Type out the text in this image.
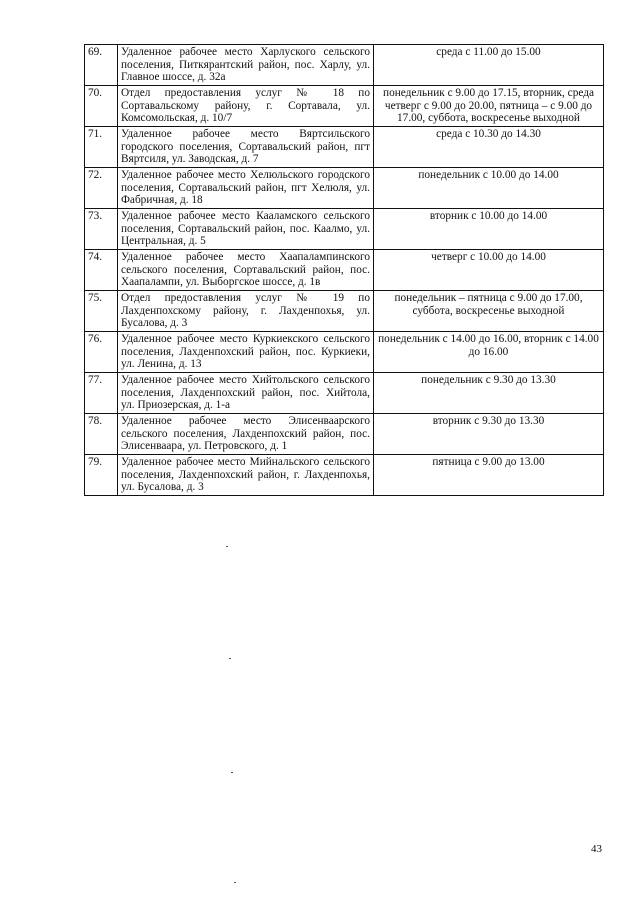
69.	Удаленное рабочее место Харлуского сельского поселения, Питкярантский район, пос. Харлу, ул. Главное шоссе, д. 32а	среда с 11.00 до 15.00
70.	Отдел предоставления услуг № 18 по Сортавальскому району, г. Сортавала, ул. Комсомольская, д. 10/7	понедельник с 9.00 до 17.15, вторник, среда четверг с 9.00 до 20.00, пятница – с 9.00 до 17.00, суббота, воскресенье выходной
71.	Удаленное рабочее место Вяртсильского городского поселения, Сортавальский район, пгт Вяртсиля, ул. Заводская, д. 7	среда с 10.30 до 14.30
72.	Удаленное рабочее место Хелюльского городского поселения, Сортавальский район, пгт Хелюля, ул. Фабричная, д. 18	понедельник с 10.00 до 14.00
73.	Удаленное рабочее место Кааламского сельского поселения, Сортавальский район, пос. Каалмо, ул. Центральная, д. 5	вторник с 10.00 до 14.00
74.	Удаленное рабочее место Хаапалампинского сельского поселения, Сортавальский район, пос. Хаапалампи, ул. Выборгское шоссе, д. 1в	четверг с 10.00 до 14.00
75.	Отдел предоставления услуг № 19 по Лахденпохскому району, г. Лахденпохья, ул. Бусалова, д. 3	понедельник – пятница с 9.00 до 17.00, суббота, воскресенье выходной
76.	Удаленное рабочее место Куркиекского сельского поселения, Лахденпохский район, пос. Куркиеки, ул. Ленина, д. 13	понедельник с 14.00 до 16.00, вторник с 14.00 до 16.00
77.	Удаленное рабочее место Хийтольского сельского поселения, Лахденпохский район, пос. Хийтола, ул. Приозерская, д. 1-а	понедельник с 9.30 до 13.30
78.	Удаленное рабочее место Элисенваарского сельского поселения, Лахденпохский район, пос. Элисенваара, ул. Петровского, д. 1	вторник с 9.30 до 13.30
79.	Удаленное рабочее место Мийнальского сельского поселения, Лахденпохский район, г. Лахденпохья, ул. Бусалова, д. 3	пятница с 9.00 до 13.00
43
